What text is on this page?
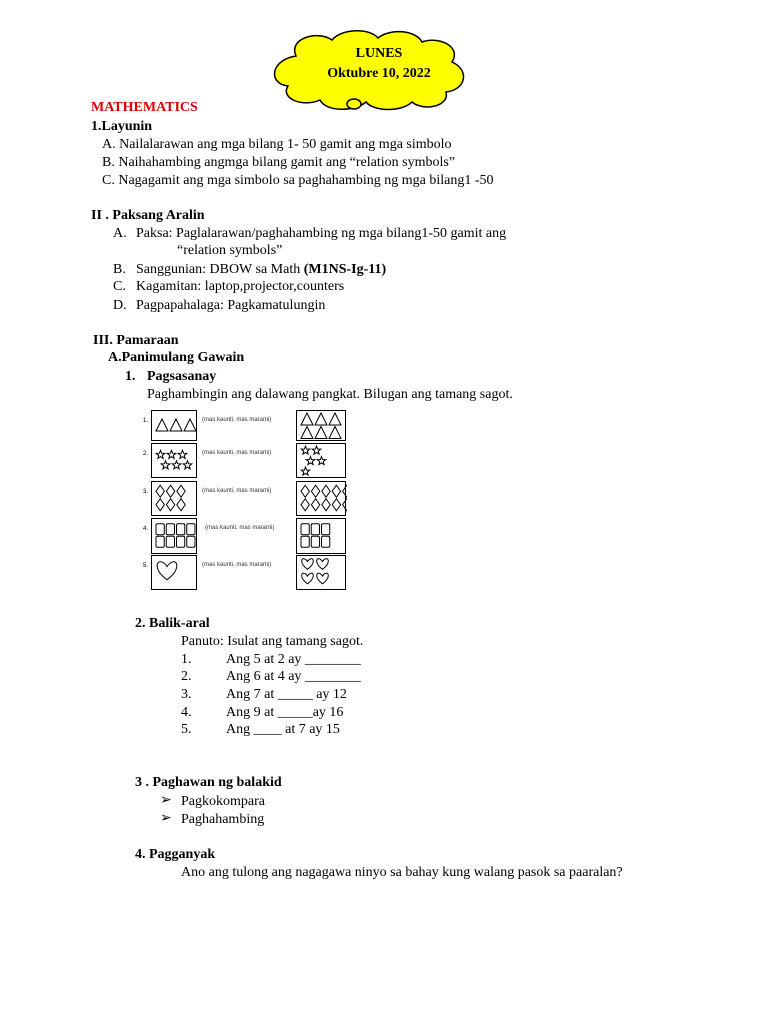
LUNES
Oktubre 10, 2022
MATHEMATICS
1.Layunin
A. Nailalarawan ang mga bilang 1- 50 gamit ang mga simbolo
B. Naihahambing angmga bilang gamit ang “relation symbols”
C. Nagagamit ang mga simbolo sa paghahambing ng mga bilang1 -50
II . Paksang Aralin
A. Paksa: Paglalarawan/paghahambing ng mga bilang1-50 gamit ang
“relation symbols”
B. Sanggunian: DBOW sa Math (M1NS-Ig-11)
C. Kagamitan: laptop,projector,counters
D. Pagpapahalaga: Pagkamatulungin
III. Pamaraan
A.Panimulang Gawain
1. Pagsasanay
Paghambingin ang dalawang pangkat. Bilugan ang tamang sagot.
1.	(mas kaunti, mas marami)
2.	(mas kaunti, mas marami)
3.	(mas kaunti, mas marami)
4.	(mas kaunti, mas marami)
5.	(mas kaunti, mas marami)
2. Balik-aral
Panuto: Isulat ang tamang sagot.
1. Ang 5 at 2 ay ________
2. Ang 6 at 4 ay ________
3. Ang 7 at _____ ay 12
4. Ang 9 at _____ay 16
5. Ang ____ at 7 ay 15
3 . Paghawan ng balakid
➢ Pagkokompara
➢ Paghahambing
4. Pagganyak
Ano ang tulong ang nagagawa ninyo sa bahay kung walang pasok sa paaralan?
